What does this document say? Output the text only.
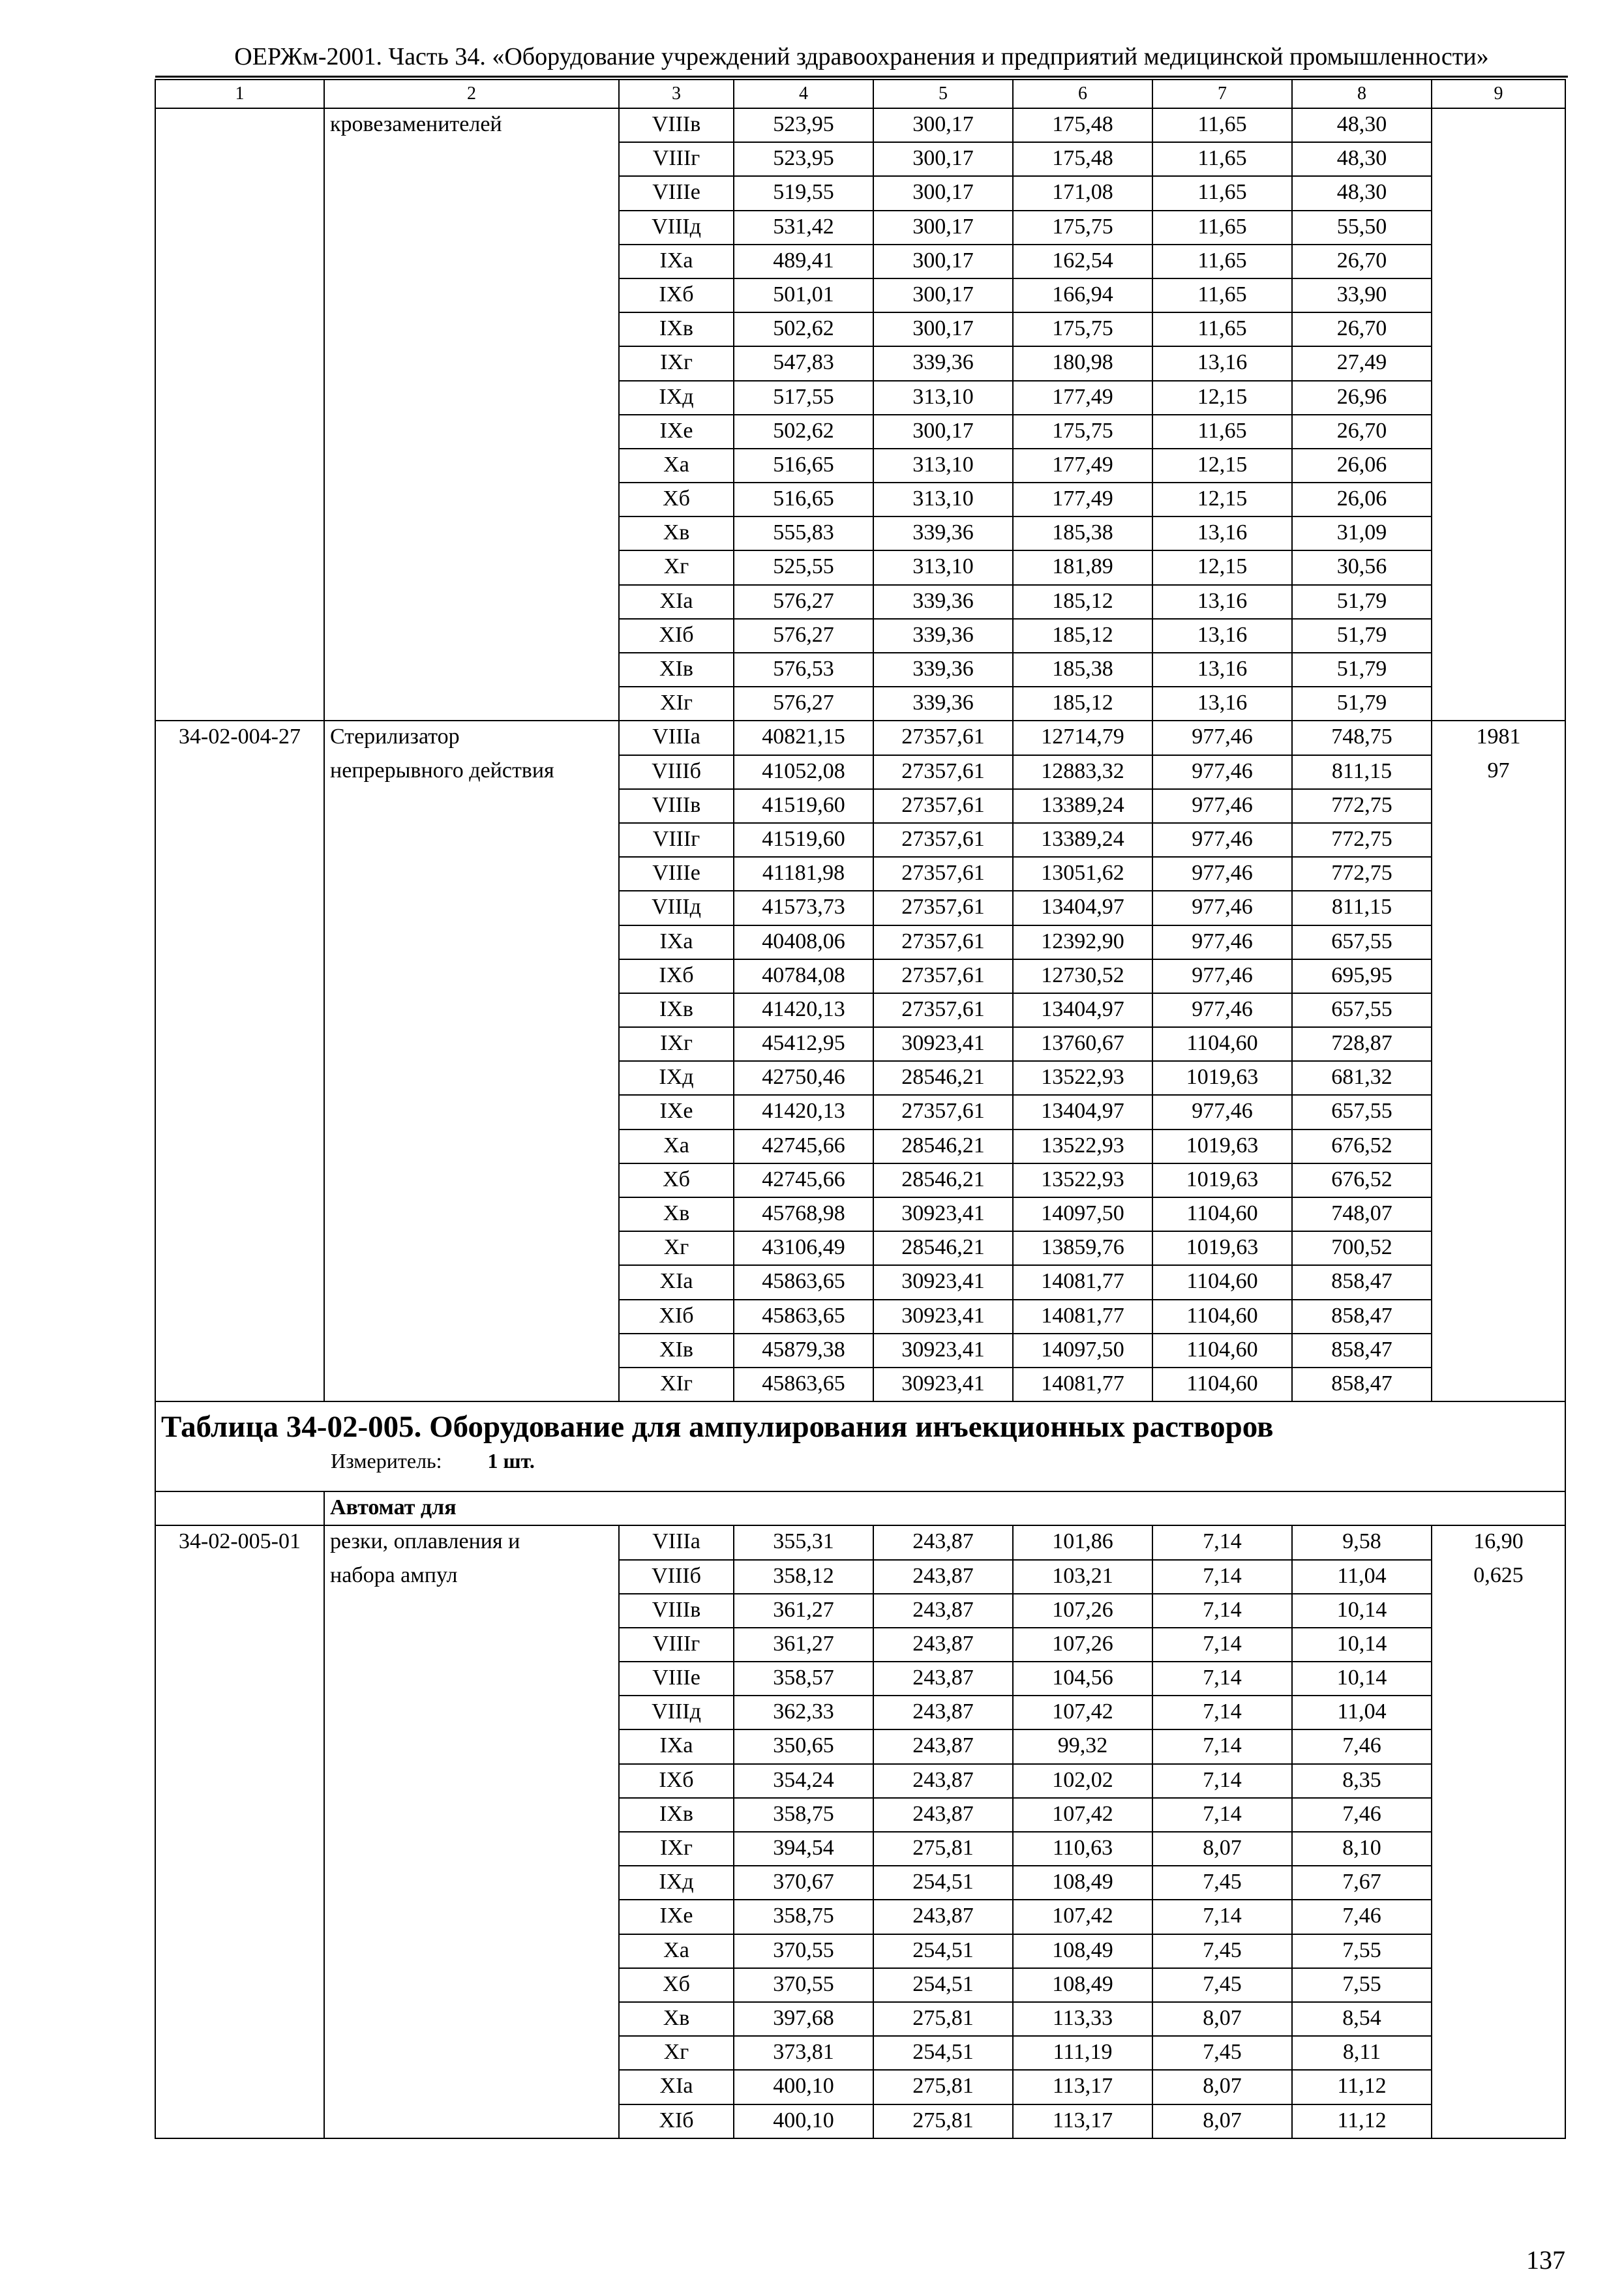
ОЕРЖм-2001. Часть 34. «Оборудование учреждений здравоохранения и предприятий медицинской промышленности»
1	2	3	4	5	6	7	8	9
	кровезаменителей	VIIIв	523,95	300,17	175,48	11,65	48,30	
		VIIIг	523,95	300,17	175,48	11,65	48,30	
		VIIIе	519,55	300,17	171,08	11,65	48,30	
		VIIIд	531,42	300,17	175,75	11,65	55,50	
		IXа	489,41	300,17	162,54	11,65	26,70	
		IXб	501,01	300,17	166,94	11,65	33,90	
		IXв	502,62	300,17	175,75	11,65	26,70	
		IXг	547,83	339,36	180,98	13,16	27,49	
		IXд	517,55	313,10	177,49	12,15	26,96	
		IXе	502,62	300,17	175,75	11,65	26,70	
		Xа	516,65	313,10	177,49	12,15	26,06	
		Xб	516,65	313,10	177,49	12,15	26,06	
		Xв	555,83	339,36	185,38	13,16	31,09	
		Xг	525,55	313,10	181,89	12,15	30,56	
		XIа	576,27	339,36	185,12	13,16	51,79	
		XIб	576,27	339,36	185,12	13,16	51,79	
		XIв	576,53	339,36	185,38	13,16	51,79	
		XIг	576,27	339,36	185,12	13,16	51,79	
34-02-004-27	Стерилизатор	VIIIа	40821,15	27357,61	12714,79	977,46	748,75	1981
	непрерывного действия	VIIIб	41052,08	27357,61	12883,32	977,46	811,15	97
		VIIIв	41519,60	27357,61	13389,24	977,46	772,75	
		VIIIг	41519,60	27357,61	13389,24	977,46	772,75	
		VIIIе	41181,98	27357,61	13051,62	977,46	772,75	
		VIIIд	41573,73	27357,61	13404,97	977,46	811,15	
		IXа	40408,06	27357,61	12392,90	977,46	657,55	
		IXб	40784,08	27357,61	12730,52	977,46	695,95	
		IXв	41420,13	27357,61	13404,97	977,46	657,55	
		IXг	45412,95	30923,41	13760,67	1104,60	728,87	
		IXд	42750,46	28546,21	13522,93	1019,63	681,32	
		IXе	41420,13	27357,61	13404,97	977,46	657,55	
		Xа	42745,66	28546,21	13522,93	1019,63	676,52	
		Xб	42745,66	28546,21	13522,93	1019,63	676,52	
		Xв	45768,98	30923,41	14097,50	1104,60	748,07	
		Xг	43106,49	28546,21	13859,76	1019,63	700,52	
		XIа	45863,65	30923,41	14081,77	1104,60	858,47	
		XIб	45863,65	30923,41	14081,77	1104,60	858,47	
		XIв	45879,38	30923,41	14097,50	1104,60	858,47	
		XIг	45863,65	30923,41	14081,77	1104,60	858,47	

Таблица 34-02-005. Оборудование для ампулирования инъекционных растворов
Измеритель: 1 шт.								

	Автомат для							
34-02-005-01	резки, оплавления и	VIIIа	355,31	243,87	101,86	7,14	9,58	16,90
	набора ампул	VIIIб	358,12	243,87	103,21	7,14	11,04	0,625
		VIIIв	361,27	243,87	107,26	7,14	10,14	
		VIIIг	361,27	243,87	107,26	7,14	10,14	
		VIIIе	358,57	243,87	104,56	7,14	10,14	
		VIIIд	362,33	243,87	107,42	7,14	11,04	
		IXа	350,65	243,87	99,32	7,14	7,46	
		IXб	354,24	243,87	102,02	7,14	8,35	
		IXв	358,75	243,87	107,42	7,14	7,46	
		IXг	394,54	275,81	110,63	8,07	8,10	
		IXд	370,67	254,51	108,49	7,45	7,67	
		IXе	358,75	243,87	107,42	7,14	7,46	
		Xа	370,55	254,51	108,49	7,45	7,55	
		Xб	370,55	254,51	108,49	7,45	7,55	
		Xв	397,68	275,81	113,33	8,07	8,54	
		Xг	373,81	254,51	111,19	7,45	8,11	
		XIа	400,10	275,81	113,17	8,07	11,12	
		XIб	400,10	275,81	113,17	8,07	11,12	
137
